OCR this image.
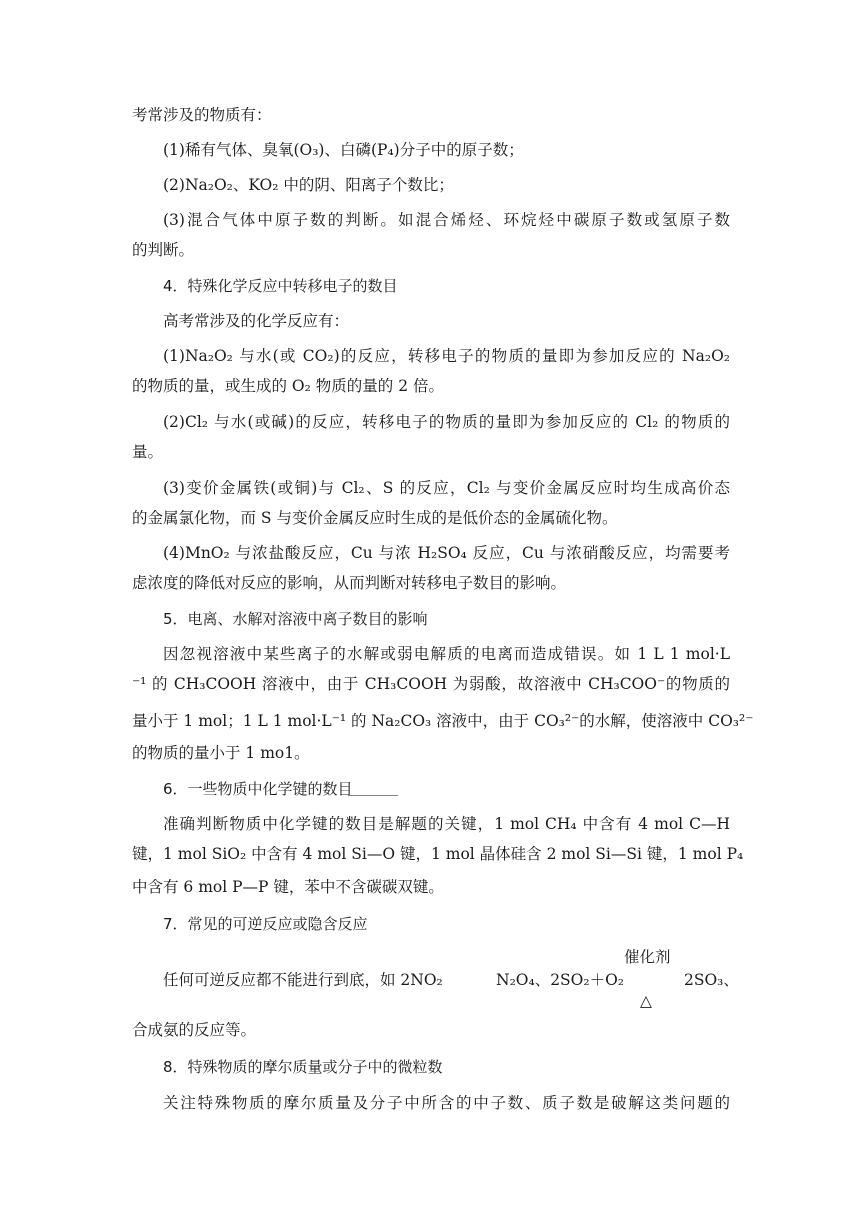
考常涉及的物质有：
(1)稀有气体、臭氧(O₃)、白磷(P₄)分子中的原子数；
(2)Na₂O₂、KO₂ 中的阴、阳离子个数比；
(3)混合气体中原子数的判断。如混合烯烃、环烷烃中碳原子数或氢原子数
的判断。
4．特殊化学反应中转移电子的数目
高考常涉及的化学反应有：
(1)Na₂O₂ 与水(或 CO₂)的反应，转移电子的物质的量即为参加反应的 Na₂O₂
的物质的量，或生成的 O₂ 物质的量的 2 倍。
(2)Cl₂ 与水(或碱)的反应，转移电子的物质的量即为参加反应的 Cl₂ 的物质的
量。
(3)变价金属铁(或铜)与 Cl₂、S 的反应，Cl₂ 与变价金属反应时均生成高价态
的金属氯化物，而 S 与变价金属反应时生成的是低价态的金属硫化物。
(4)MnO₂ 与浓盐酸反应，Cu 与浓 H₂SO₄ 反应，Cu 与浓硝酸反应，均需要考
虑浓度的降低对反应的影响，从而判断对转移电子数目的影响。
5．电离、水解对溶液中离子数目的影响
因忽视溶液中某些离子的水解或弱电解质的电离而造成错误。如 1 L 1 mol·L
⁻¹ 的 CH₃COOH 溶液中，由于 CH₃COOH 为弱酸，故溶液中 CH₃COO⁻的物质的
量小于 1 mol；1 L 1 mol·L⁻¹ 的 Na₂CO₃ 溶液中，由于 CO₃²⁻的水解，使溶液中 CO₃²⁻
的物质的量小于 1 mo1。
6．一些物质中化学键的数目
准确判断物质中化学键的数目是解题的关键，1 mol CH₄ 中含有 4 mol C—H
键，1 mol SiO₂ 中含有 4 mol Si—O 键，1 mol 晶体硅含 2 mol Si—Si 键，1 mol P₄
中含有 6 mol P—P 键，苯中不含碳碳双键。
7．常见的可逆反应或隐含反应
催化剂
任何可逆反应都不能进行到底，如 2NO₂	N₂O₄、2SO₂＋O₂	2SO₃、
△
合成氨的反应等。
8．特殊物质的摩尔质量或分子中的微粒数
关注特殊物质的摩尔质量及分子中所含的中子数、质子数是破解这类问题的
